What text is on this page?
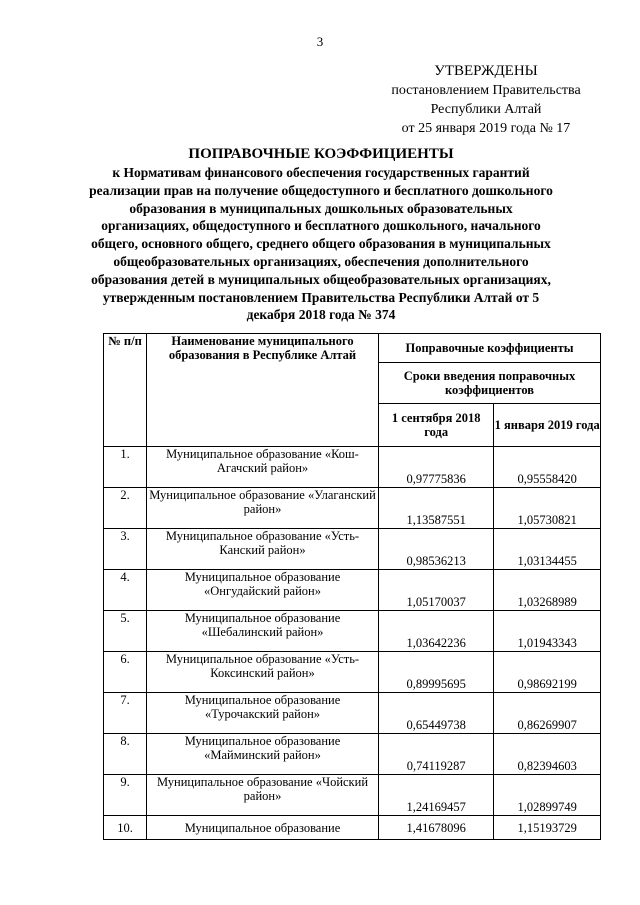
3
УТВЕРЖДЕНЫ
постановлением Правительства
Республики Алтай
от 25 января 2019 года № 17
ПОПРАВОЧНЫЕ КОЭФФИЦИЕНТЫ
к Нормативам финансового обеспечения государственных гарантий реализации прав на получение общедоступного и бесплатного дошкольного образования в муниципальных дошкольных образовательных организациях, общедоступного и бесплатного дошкольного, начального общего, основного общего, среднего общего образования в муниципальных общеобразовательных организациях, обеспечения дополнительного образования детей в муниципальных общеобразовательных организациях, утвержденным постановлением Правительства Республики Алтай от 5 декабря 2018 года № 374
№ п/п	Наименование муниципального образования в Республике Алтай	Поправочные коэффициенты	
		Сроки введения поправочных коэффициентов	
		1 сентября 2018 года	1 января 2019 года
1.	Муниципальное образование «Кош-Агачский район»	0,97775836	0,95558420
2.	Муниципальное образование «Улаганский район»	1,13587551	1,05730821
3.	Муниципальное образование «Усть-Канский район»	0,98536213	1,03134455
4.	Муниципальное образование «Онгудайский район»	1,05170037	1,03268989
5.	Муниципальное образование «Шебалинский район»	1,03642236	1,01943343
6.	Муниципальное образование «Усть-Коксинский район»	0,89995695	0,98692199
7.	Муниципальное образование «Турочакский район»	0,65449738	0,86269907
8.	Муниципальное образование «Майминский район»	0,74119287	0,82394603
9.	Муниципальное образование «Чойский район»	1,24169457	1,02899749
10.	Муниципальное образование	1,41678096	1,15193729
